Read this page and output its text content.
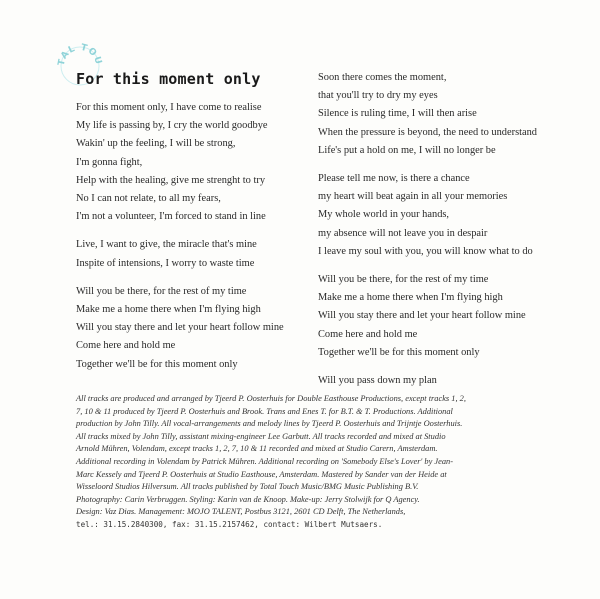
TAL TOU
For this moment only

For this moment only, I have come to realise

My life is passing by, I cry the world goodbye

Wakin' up the feeling, I will be strong,

I'm gonna fight,

Help with the healing, give me strenght to try

No I can not relate, to all my fears,

I'm not a volunteer, I'm forced to stand in line

Live, I want to give, the miracle that's mine

Inspite of intensions, I worry to waste time

Will you be there, for the rest of my time

Make me a home there when I'm flying high

Will you stay there and let your heart follow mine

Come here and hold me

Together we'll be for this moment only

Soon there comes the moment,

that you'll try to dry my eyes

Silence is ruling time, I will then arise

When the pressure is beyond, the need to understand

Life's put a hold on me, I will no longer be

Please tell me now, is there a chance

my heart will beat again in all your memories

My whole world in your hands,

my absence will not leave you in despair

I leave my soul with you, you will know what to do

Will you be there, for the rest of my time

Make me a home there when I'm flying high

Will you stay there and let your heart follow mine

Come here and hold me

Together we'll be for this moment only

Will you pass down my plan

All tracks are produced and arranged by Tjeerd P. Oosterhuis for Double Easthouse Productions, except tracks 1, 2,

7, 10 & 11 produced by Tjeerd P. Oosterhuis and Brook. Trans and Enes T. for B.T. & T. Productions. Additional

production by John Tilly. All vocal-arrangements and melody lines by Tjeerd P. Oosterhuis and Trijntje Oosterhuis.

All tracks mixed by John Tilly, assistant mixing-engineer Lee Garbutt. All tracks recorded and mixed at Studio

Arnold Mühren, Volendam, except tracks 1, 2, 7, 10 & 11 recorded and mixed at Studio Carern, Amsterdam.

Additional recording in Volendam by Patrick Mühren. Additional recording on 'Somebody Else's Lover' by Jean-

Marc Kessely and Tjeerd P. Oosterhuis at Studio Easthouse, Amsterdam. Mastered by Sander van der Heide at

Wisseloord Studios Hilversum. All tracks published by Total Touch Music/BMG Music Publishing B.V.

Photography: Carin Verbruggen. Styling: Karin van de Knoop. Make-up: Jerry Stolwijk for Q Agency.

Design: Vaz Dias. Management: MOJO TALENT, Postbus 3121, 2601 CD Delft, The Netherlands,

tel.: 31.15.2840300, fax: 31.15.2157462, contact: Wilbert Mutsaers.
